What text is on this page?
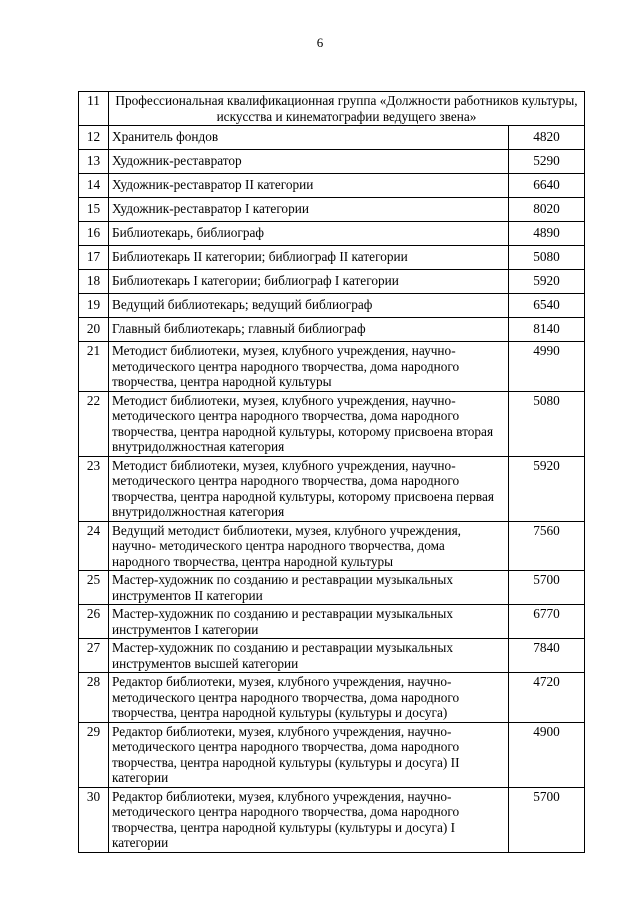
6
11	Профессиональная квалификационная группа «Должности работников культуры, искусства и кинематографии ведущего звена»	
12	Хранитель фондов	4820
13	Художник-реставратор	5290
14	Художник-реставратор II категории	6640
15	Художник-реставратор I категории	8020
16	Библиотекарь, библиограф	4890
17	Библиотекарь II категории; библиограф II категории	5080
18	Библиотекарь I категории; библиограф I категории	5920
19	Ведущий библиотекарь; ведущий библиограф	6540
20	Главный библиотекарь; главный библиограф	8140
21	Методист библиотеки, музея, клубного учреждения, научно-методического центра народного творчества, дома народного творчества, центра народной культуры	4990
22	Методист библиотеки, музея, клубного учреждения, научно-методического центра народного творчества, дома народного творчества, центра народной культуры, которому присвоена вторая внутридолжностная категория	5080
23	Методист библиотеки, музея, клубного учреждения, научно-методического центра народного творчества, дома народного творчества, центра народной культуры, которому присвоена первая внутридолжностная категория	5920
24	Ведущий методист библиотеки, музея, клубного учреждения, научно- методического центра народного творчества, дома народного творчества, центра народной культуры	7560
25	Мастер-художник по созданию и реставрации музыкальных инструментов II категории	5700
26	Мастер-художник по созданию и реставрации музыкальных инструментов I категории	6770
27	Мастер-художник по созданию и реставрации музыкальных инструментов высшей категории	7840
28	Редактор библиотеки, музея, клубного учреждения, научно-методического центра народного творчества, дома народного творчества, центра народной культуры (культуры и досуга)	4720
29	Редактор библиотеки, музея, клубного учреждения, научно-методического центра народного творчества, дома народного творчества, центра народной культуры (культуры и досуга) II категории	4900
30	Редактор библиотеки, музея, клубного учреждения, научно-методического центра народного творчества, дома народного творчества, центра народной культуры (культуры и досуга) I категории	5700
